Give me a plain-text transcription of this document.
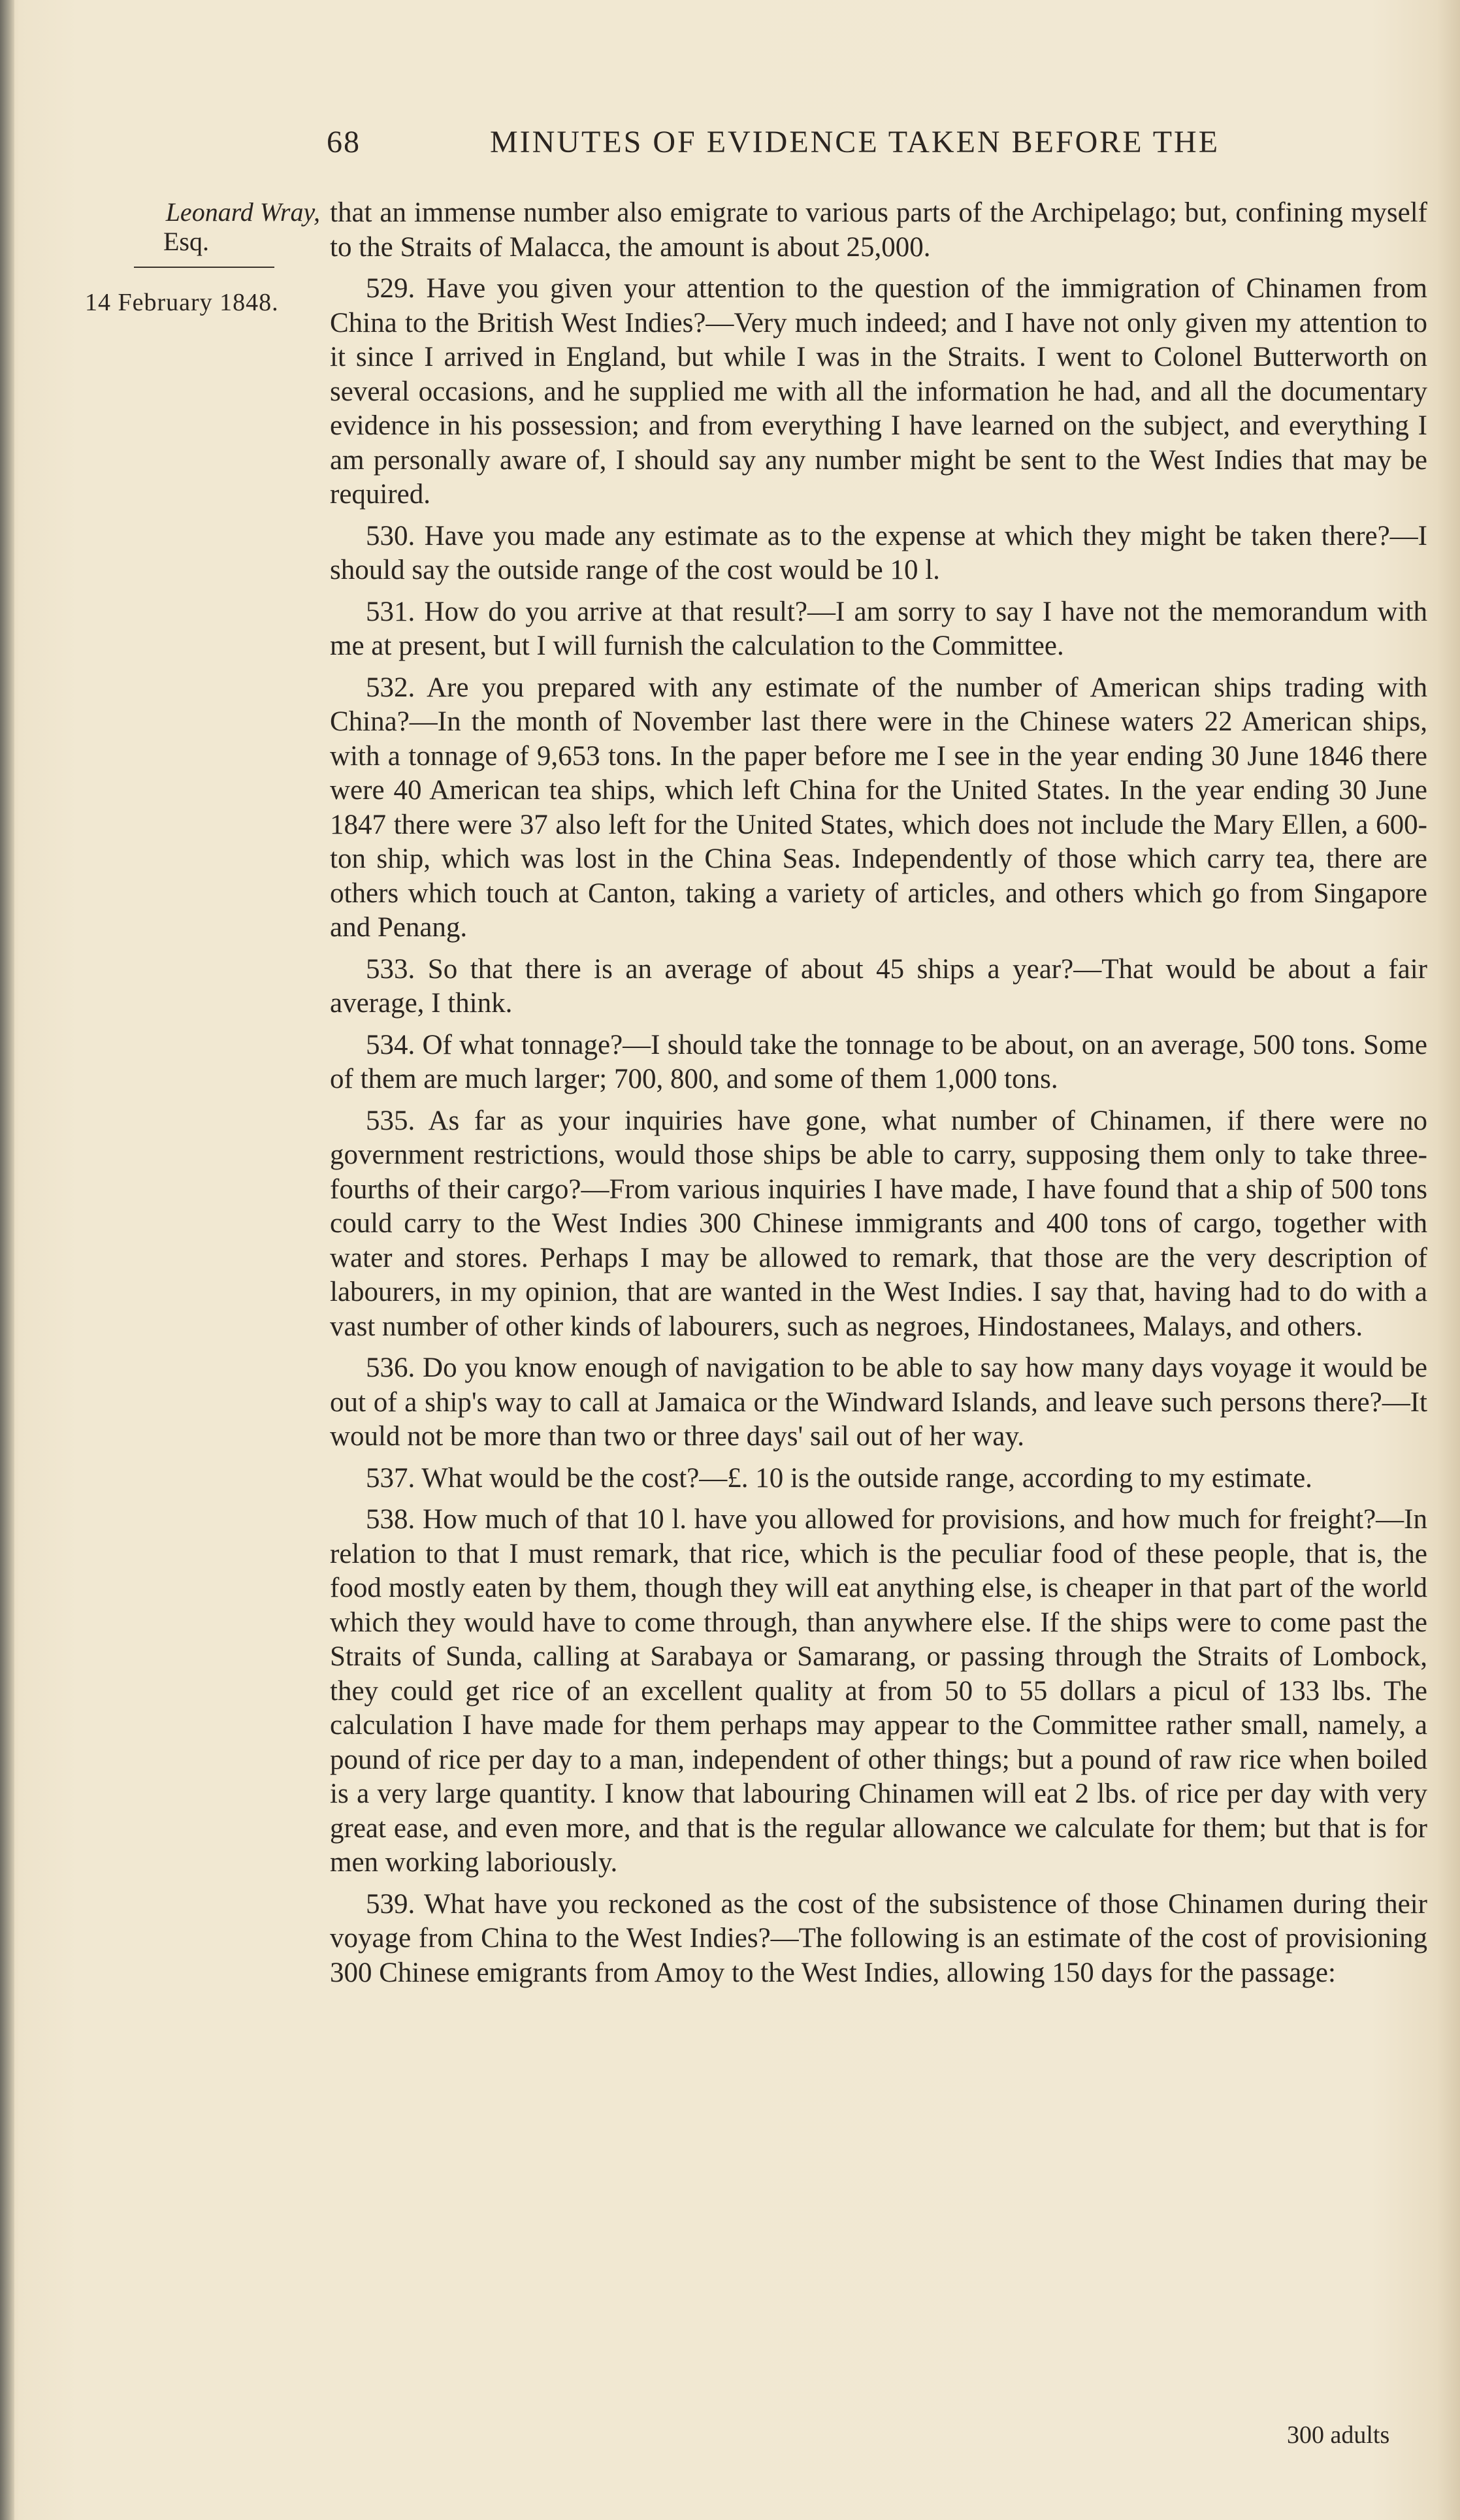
68	MINUTES OF EVIDENCE TAKEN BEFORE THE
Leonard Wray,
Esq.
14 February 1848.

that an immense number also emigrate to various parts of the Archipelago; but, confining myself to the Straits of Malacca, the amount is about 25,000.

529. Have you given your attention to the question of the immigration of Chinamen from China to the British West Indies?—Very much indeed; and I have not only given my attention to it since I arrived in England, but while I was in the Straits. I went to Colonel Butterworth on several occasions, and he supplied me with all the information he had, and all the documentary evidence in his possession; and from everything I have learned on the subject, and everything I am personally aware of, I should say any number might be sent to the West Indies that may be required.

530. Have you made any estimate as to the expense at which they might be taken there?—I should say the outside range of the cost would be 10 l.

531. How do you arrive at that result?—I am sorry to say I have not the memorandum with me at present, but I will furnish the calculation to the Committee.

532. Are you prepared with any estimate of the number of American ships trading with China?—In the month of November last there were in the Chinese waters 22 American ships, with a tonnage of 9,653 tons. In the paper before me I see in the year ending 30 June 1846 there were 40 American tea ships, which left China for the United States. In the year ending 30 June 1847 there were 37 also left for the United States, which does not include the Mary Ellen, a 600-ton ship, which was lost in the China Seas. Independently of those which carry tea, there are others which touch at Canton, taking a variety of articles, and others which go from Singapore and Penang.

533. So that there is an average of about 45 ships a year?—That would be about a fair average, I think.

534. Of what tonnage?—I should take the tonnage to be about, on an average, 500 tons. Some of them are much larger; 700, 800, and some of them 1,000 tons.

535. As far as your inquiries have gone, what number of Chinamen, if there were no government restrictions, would those ships be able to carry, supposing them only to take three-fourths of their cargo?—From various inquiries I have made, I have found that a ship of 500 tons could carry to the West Indies 300 Chinese immigrants and 400 tons of cargo, together with water and stores. Perhaps I may be allowed to remark, that those are the very description of labourers, in my opinion, that are wanted in the West Indies. I say that, having had to do with a vast number of other kinds of labourers, such as negroes, Hindostanees, Malays, and others.

536. Do you know enough of navigation to be able to say how many days voyage it would be out of a ship's way to call at Jamaica or the Windward Islands, and leave such persons there?—It would not be more than two or three days' sail out of her way.

537. What would be the cost?—£. 10 is the outside range, according to my estimate.

538. How much of that 10 l. have you allowed for provisions, and how much for freight?—In relation to that I must remark, that rice, which is the peculiar food of these people, that is, the food mostly eaten by them, though they will eat anything else, is cheaper in that part of the world which they would have to come through, than anywhere else. If the ships were to come past the Straits of Sunda, calling at Sarabaya or Samarang, or passing through the Straits of Lombock, they could get rice of an excellent quality at from 50 to 55 dollars a picul of 133 lbs. The calculation I have made for them perhaps may appear to the Committee rather small, namely, a pound of rice per day to a man, independent of other things; but a pound of raw rice when boiled is a very large quantity. I know that labouring Chinamen will eat 2 lbs. of rice per day with very great ease, and even more, and that is the regular allowance we calculate for them; but that is for men working laboriously.

539. What have you reckoned as the cost of the subsistence of those Chinamen during their voyage from China to the West Indies?—The following is an estimate of the cost of provisioning 300 Chinese emigrants from Amoy to the West Indies, allowing 150 days for the passage:

300 adults
